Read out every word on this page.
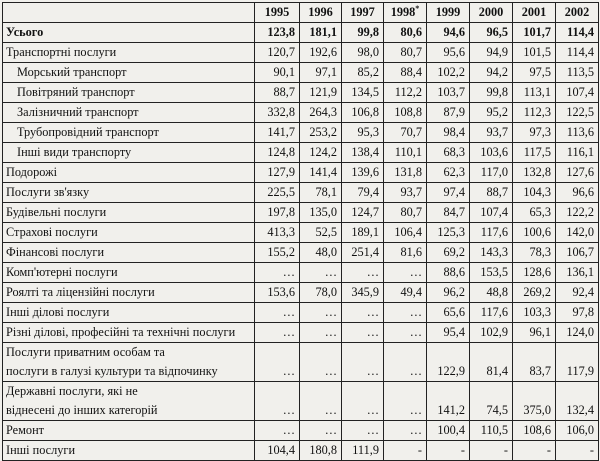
	1995	1996	1997	1998*	1999	2000	2001	2002
Усього	123,8	181,1	99,8	80,6	94,6	96,5	101,7	114,4
Транспортні послуги	120,7	192,6	98,0	80,7	95,6	94,9	101,5	114,4
Морський транспорт	90,1	97,1	85,2	88,4	102,2	94,2	97,5	113,5
Повітряний транспорт	88,7	121,9	134,5	112,2	103,7	99,8	113,1	107,4
Залізничний транспорт	332,8	264,3	106,8	108,8	87,9	95,2	112,3	122,5
Трубопровідний транспорт	141,7	253,2	95,3	70,7	98,4	93,7	97,3	113,6
Інші види транспорту	124,8	124,2	138,4	110,1	68,3	103,6	117,5	116,1
Подорожі	127,9	141,4	139,6	131,8	62,3	117,0	132,8	127,6
Послуги зв'язку	225,5	78,1	79,4	93,7	97,4	88,7	104,3	96,6
Будівельні послуги	197,8	135,0	124,7	80,7	84,7	107,4	65,3	122,2
Страхові послуги	413,3	52,5	189,1	106,4	125,3	117,6	100,6	142,0
Фінансові послуги	155,2	48,0	251,4	81,6	69,2	143,3	78,3	106,7
Комп'ютерні послуги	…	…	…	…	88,6	153,5	128,6	136,1
Роялті та ліцензійні послуги	153,6	78,0	345,9	49,4	96,2	48,8	269,2	92,4
Інші ділові послуги	…	…	…	…	65,6	117,6	103,3	97,8
Різні ділові, професійні та технічні послуги	…	…	…	…	95,4	102,9	96,1	124,0
Послуги приватним особам та								
послуги в галузі культури та відпочинку	…	…	…	…	122,9	81,4	83,7	117,9
Державні послуги, які не								
віднесені до інших категорій	…	…	…	…	141,2	74,5	375,0	132,4
Ремонт	…	…	…	…	100,4	110,5	108,6	106,0
Інші послуги	104,4	180,8	111,9	-	-	-	-	-
